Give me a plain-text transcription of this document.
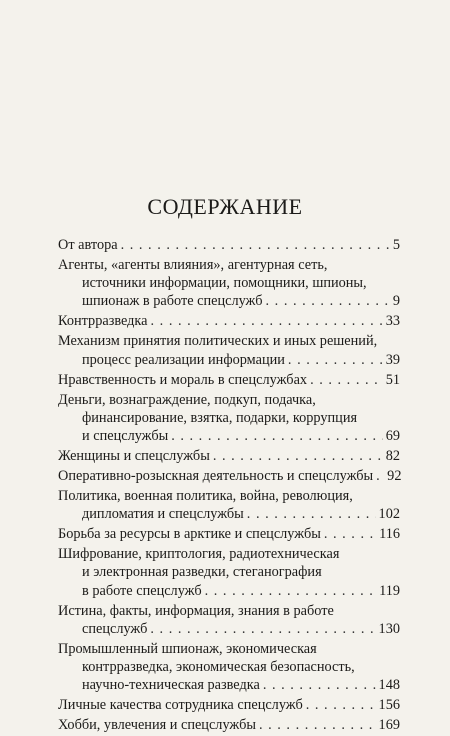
СОДЕРЖАНИЕ
От автора . . .	5
Агенты, «агенты влияния», агентурная сеть,
источники информации, помощники, шпионы,
шпионаж в работе спецслужб . . .	9
Контрразведка . . .	33
Механизм принятия политических и иных решений,
процесс реализации информации . . .	39
Нравственность и мораль в спецслужбах . . .	51
Деньги, вознаграждение, подкуп, подачка,
финансирование, взятка, подарки, коррупция
и спецслужбы . . .	69
Женщины и спецслужбы . . .	82
Оперативно-розыскная деятельность и спецслужбы . . . 92
Политика, военная политика, война, революция,
дипломатия и спецслужбы . . .	102
Борьба за ресурсы в арктике и спецслужбы . . .	116
Шифрование, криптология, радиотехническая
и электронная разведки, стеганография
в работе спецслужб . . .	119
Истина, факты, информация, знания в работе
спецслужб . . .	130
Промышленный шпионаж, экономическая
контрразведка, экономическая безопасность,
научно-техническая разведка . . .	148
Личные качества сотрудника спецслужб . . .	156
Хобби, увлечения и спецслужбы . . .	169
